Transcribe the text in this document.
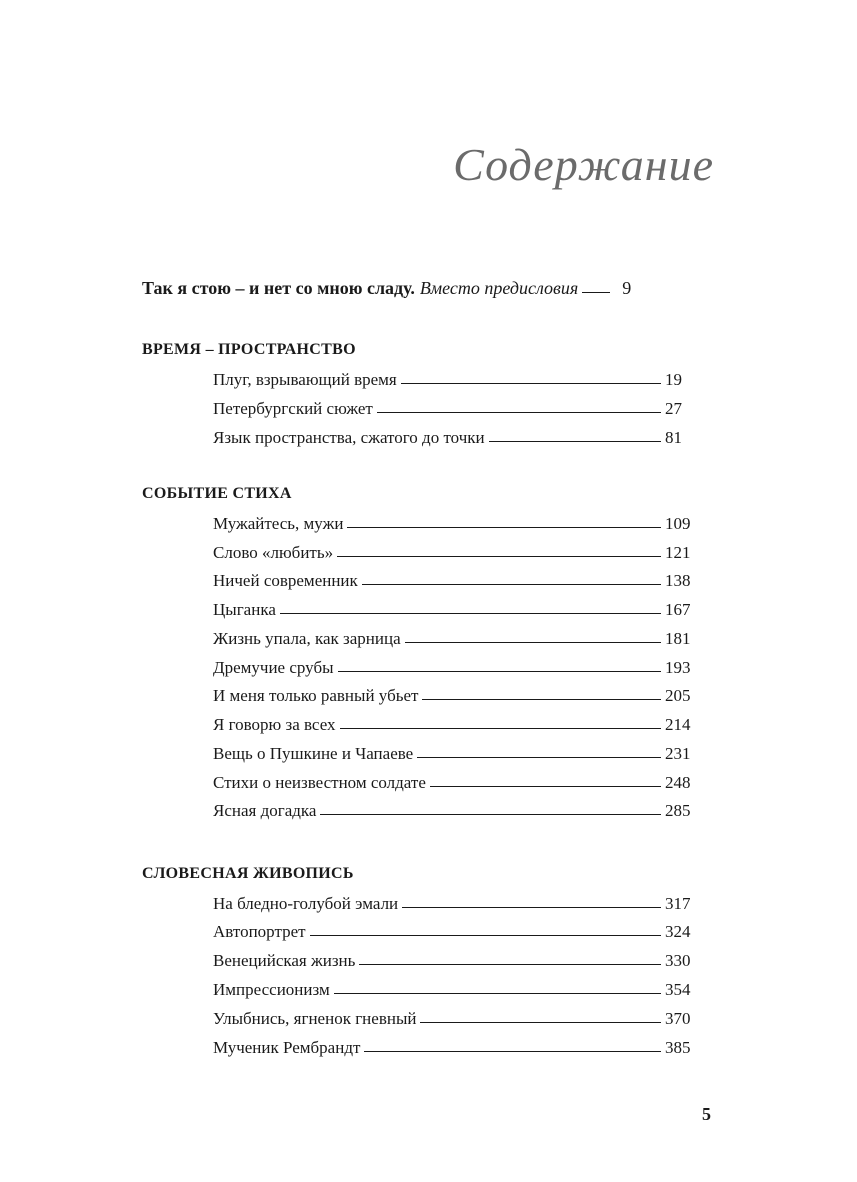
Содержание
Так я стою – и нет со мною сладу. Вместо предисловия 9
ВРЕМЯ – ПРОСТРАНСТВО
Плуг, взрывающий время	19
Петербургский сюжет	27
Язык пространства, сжатого до точки	81
СОБЫТИЕ СТИХА
Мужайтесь, мужи	109
Слово «любить»	121
Ничей современник	138
Цыганка	167
Жизнь упала, как зарница	181
Дремучие срубы	193
И меня только равный убьет	205
Я говорю за всех	214
Вещь о Пушкине и Чапаеве	231
Стихи о неизвестном солдате	248
Ясная догадка	285
СЛОВЕСНАЯ ЖИВОПИСЬ
На бледно-голубой эмали	317
Автопортрет	324
Венецийская жизнь	330
Импрессионизм	354
Улыбнись, ягненок гневный	370
Мученик Рембрандт	385
5
